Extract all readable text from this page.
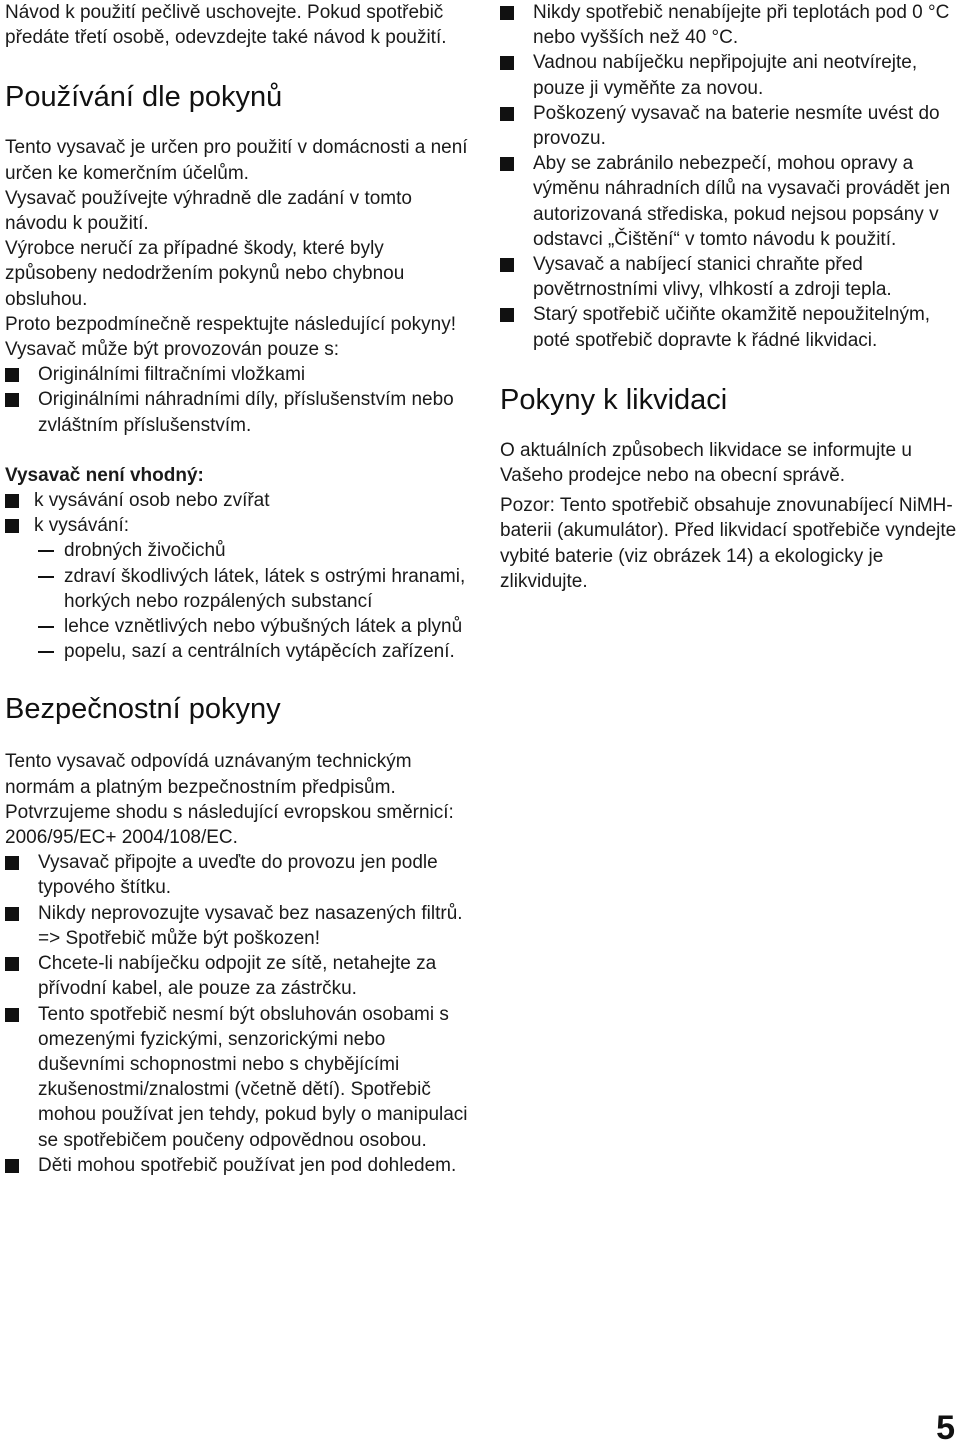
Návod k použití pečlivě uschovejte. Pokud spotřebič předáte třetí osobě, odevzdejte také návod k použití.

Používání dle pokynů

Tento vysavač je určen pro použití v domácnosti a není určen ke komerčním účelům.

Vysavač používejte výhradně dle zadání v tomto návodu k použití.

Výrobce neručí za případné škody, které byly způsobeny nedodržením pokynů nebo chybnou obsluhou.

Proto bezpodmínečně respektujte následující pokyny!

Vysavač může být provozován pouze s:

Originálními filtračními vložkami
Originálními náhradními díly, příslušenstvím nebo zvláštním příslušenstvím.

Vysavač není vhodný:

k vysávání osob nebo zvířat
k vysávání:
drobných živočichů
zdraví škodlivých látek, látek s ostrými hranami, horkých nebo rozpálených substancí
lehce vznětlivých nebo výbušných látek a plynů
popelu, sazí a centrálních vytápěcích zařízení.
Bezpečnostní pokyny

Tento vysavač odpovídá uznávaným technickým normám a platným bezpečnostním předpisům.

Potvrzujeme shodu s následující evropskou směrnicí: 2006/95/EC+ 2004/108/EC.

Vysavač připojte a uveďte do provozu jen podle typového štítku.
Nikdy neprovozujte vysavač bez nasazených filtrů. => Spotřebič může být poškozen!
Chcete-li nabíječku odpojit ze sítě, netahejte za přívodní kabel, ale pouze za zástrčku.
Tento spotřebič nesmí být obsluhován osobami s omezenými fyzickými, senzorickými nebo duševními schopnostmi nebo s chybějícími zkušenostmi/znalostmi (včetně dětí). Spotřebič mohou používat jen tehdy, pokud byly o manipulaci se spotřebičem poučeny odpovědnou osobou.
Děti mohou spotřebič používat jen pod dohledem.
Nikdy spotřebič nenabíjejte při teplotách pod 0 °C nebo vyšších než 40 °C.
Vadnou nabíječku nepřipojujte ani neotvírejte, pouze ji vyměňte za novou.
Poškozený vysavač na baterie nesmíte uvést do provozu.
Aby se zabránilo nebezpečí, mohou opravy a výměnu náhradních dílů na vysavači provádět jen autorizovaná střediska, pokud nejsou popsány v odstavci „Čištění“ v tomto návodu k použití.
Vysavač a nabíjecí stanici chraňte před povětrnostními vlivy, vlhkostí a zdroji tepla.
Starý spotřebič učiňte okamžitě nepoužitelným, poté spotřebič dopravte k řádné likvidaci.
Pokyny k likvidaci

O aktuálních způsobech likvidace se informujte u Vašeho prodejce nebo na obecní správě.

Pozor: Tento spotřebič obsahuje znovunabíjecí NiMH-baterii (akumulátor). Před likvidací spotřebiče vyndejte vybité baterie (viz obrázek 14) a ekologicky je zlikvidujte.

5
